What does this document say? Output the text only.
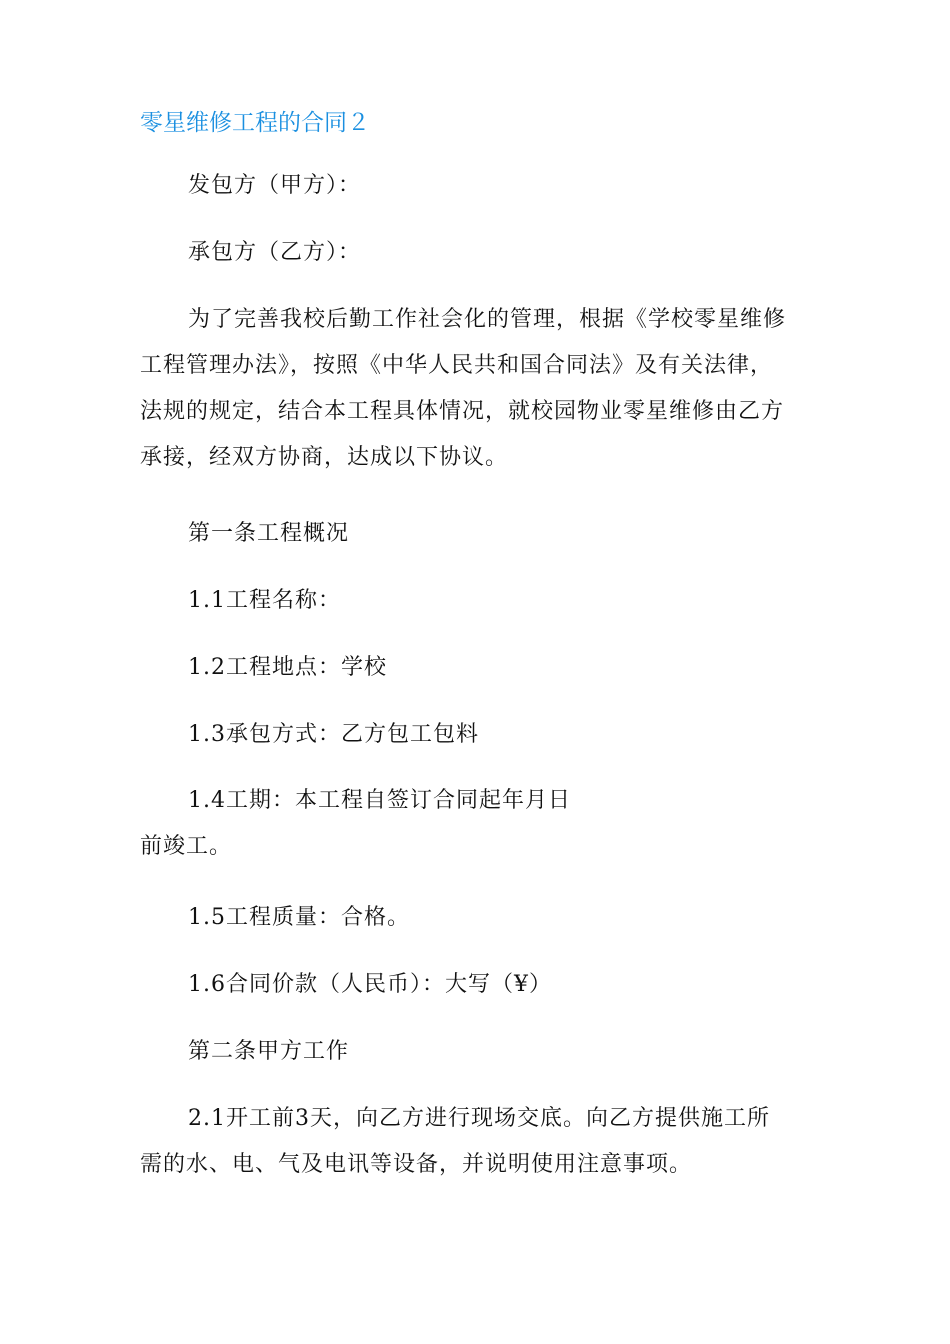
零星维修工程的合同２
发包方（甲方）：
承包方（乙方）：
为了完善我校后勤工作社会化的管理，根据《学校零星维修
工程管理办法》，按照《中华人民共和国合同法》及有关法律，
法规的规定，结合本工程具体情况，就校园物业零星维修由乙方
承接，经双方协商，达成以下协议。
第一条工程概况
1.1工程名称：
1.2工程地点：学校
1.3承包方式：乙方包工包料
1.4工期：本工程自签订合同起年月日
前竣工。
1.5工程质量：合格。
1.6合同价款（人民币）：大写（¥）
第二条甲方工作
2.1开工前3天，向乙方进行现场交底。向乙方提供施工所
需的水、电、气及电讯等设备，并说明使用注意事项。
